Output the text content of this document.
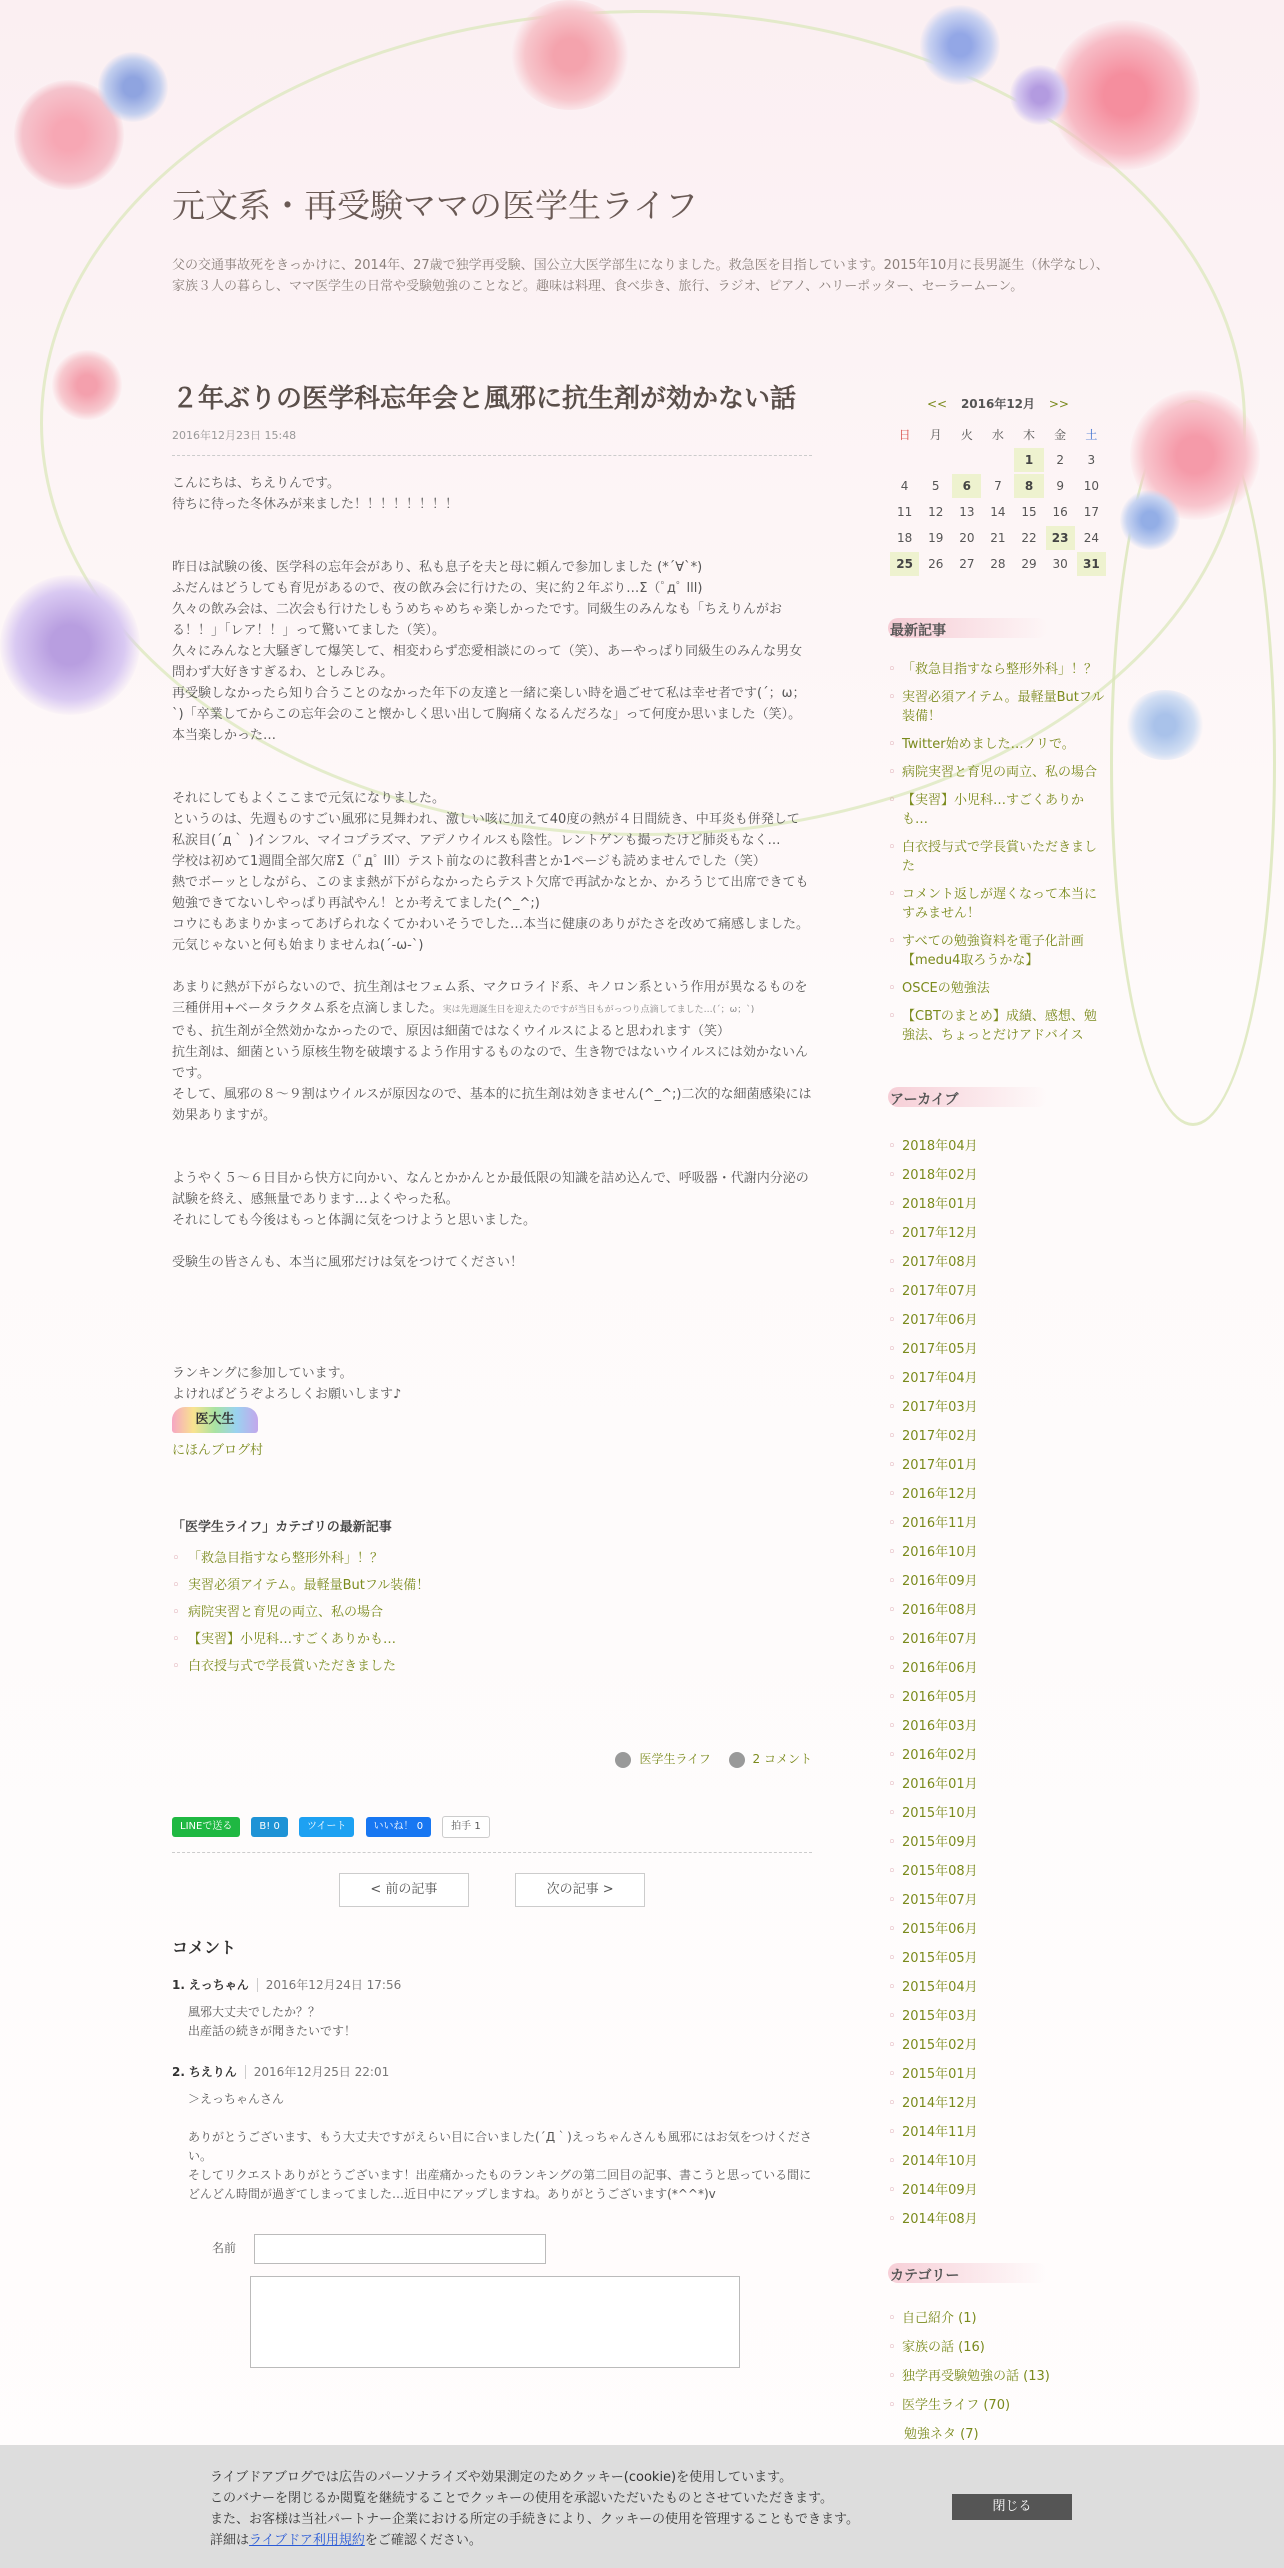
元文系・再受験ママの医学生ライフ
父の交通事故死をきっかけに、2014年、27歳で独学再受験、国公立大医学部生になりました。救急医を目指しています。2015年10月に長男誕生（休学なし）、家族３人の暮らし、ママ医学生の日常や受験勉強のことなど。趣味は料理、食べ歩き、旅行、ラジオ、ピアノ、ハリーポッター、セーラームーン。
２年ぶりの医学科忘年会と風邪に抗生剤が効かない話
2016年12月23日 15:48

こんにちは、ちえりんです。

待ちに待った冬休みが来ました！！！！！！！！

昨日は試験の後、医学科の忘年会があり、私も息子を夫と母に頼んで参加しました (*´∀`*)

ふだんはどうしても育児があるので、夜の飲み会に行けたの、実に約２年ぶり…Σ（ﾟдﾟ lll)

久々の飲み会は、二次会も行けたしもうめちゃめちゃ楽しかったです。同級生のみんなも「ちえりんがおる！！」「レア！！」って驚いてました（笑）。

久々にみんなと大騒ぎして爆笑して、相変わらず恋愛相談にのって（笑）、あーやっぱり同級生のみんな男女問わず大好きすぎるわ、としみじみ。

再受験しなかったら知り合うことのなかった年下の友達と一緒に楽しい時を過ごせて私は幸せ者です(´；ω；`)「卒業してからこの忘年会のこと懐かしく思い出して胸痛くなるんだろな」って何度か思いました（笑）。

本当楽しかった…

それにしてもよくここまで元気になりました。

というのは、先週ものすごい風邪に見舞われ、激しい咳に加えて40度の熱が４日間続き、中耳炎も併発して私涙目(´д｀ )インフル、マイコプラズマ、アデノウイルスも陰性。レントゲンも撮ったけど肺炎もなく…

学校は初めて1週間全部欠席Σ（ﾟдﾟ lll）テスト前なのに教科書とか1ページも読めませんでした（笑）

熱でボーッとしながら、このまま熱が下がらなかったらテスト欠席で再試かなとか、かろうじて出席できても勉強できてないしやっぱり再試やん！とか考えてました(^_^;)

コウにもあまりかまってあげられなくてかわいそうでした…本当に健康のありがたさを改めて痛感しました。元気じゃないと何も始まりませんね(´-ω-`)

あまりに熱が下がらないので、抗生剤はセフェム系、マクロライド系、キノロン系という作用が異なるものを三種併用+ベータラクタム系を点滴しました。実は先週誕生日を迎えたのですが当日もがっつり点滴してました…(´；ω；`)

でも、抗生剤が全然効かなかったので、原因は細菌ではなくウイルスによると思われます（笑）

抗生剤は、細菌という原核生物を破壊するよう作用するものなので、生き物ではないウイルスには効かないんです。

そして、風邪の８〜９割はウイルスが原因なので、基本的に抗生剤は効きません(^_^;)二次的な細菌感染には効果ありますが。

ようやく５〜６日目から快方に向かい、なんとかかんとか最低限の知識を詰め込んで、呼吸器・代謝内分泌の試験を終え、感無量であります…よくやった私。

それにしても今後はもっと体調に気をつけようと思いました。

受験生の皆さんも、本当に風邪だけは気をつけてください！

ランキングに参加しています。

よければどうぞよろしくお願いします♪

医大生
にほんブログ村
「医学生ライフ」カテゴリの最新記事
◦ 「救急目指すなら整形外科」！？
◦ 実習必須アイテム。最軽量Butフル装備！
◦ 病院実習と育児の両立、私の場合
◦ 【実習】小児科…すごくありかも…
◦ 白衣授与式で学長賞いただきました
医学生ライフ	2 コメント
LINEで送る	B! 0	ツイート	いいね！ 0	拍手 1
< 前の記事	次の記事 >
コメント
1. えっちゃん 2016年12月24日 17:56
風邪大丈夫でしたか？？
出産話の続きが聞きたいです！
2. ちえりん 2016年12月25日 22:01
＞えっちゃんさん
ありがとうございます、もう大丈夫ですがえらい目に合いました(´Д｀)えっちゃんさんも風邪にはお気をつけください。
そしてリクエストありがとうございます！出産痛かったものランキングの第二回目の記事、書こうと思っている間にどんどん時間が過ぎてしまってました…近日中にアップしますね。ありがとうございます(*^^*)v
名前
<< 2016年12月 >>
日	月	火	水	木	金	土
				1	2	3
4	5	6	7	8	9	10
11	12	13	14	15	16	17
18	19	20	21	22	23	24
25	26	27	28	29	30	31
最新記事
◦ 「救急目指すなら整形外科」！？
◦ 実習必須アイテム。最軽量Butフル装備！
◦ Twitter始めました…ノリで。
◦ 病院実習と育児の両立、私の場合
◦ 【実習】小児科…すごくありかも…
◦ 白衣授与式で学長賞いただきました
◦ コメント返しが遅くなって本当にすみません！
◦ すべての勉強資料を電子化計画【medu4取ろうかな】
◦ OSCEの勉強法
◦ 【CBTのまとめ】成績、感想、勉強法、ちょっとだけアドバイス
アーカイブ
◦ 2018年04月
◦ 2018年02月
◦ 2018年01月
◦ 2017年12月
◦ 2017年08月
◦ 2017年07月
◦ 2017年06月
◦ 2017年05月
◦ 2017年04月
◦ 2017年03月
◦ 2017年02月
◦ 2017年01月
◦ 2016年12月
◦ 2016年11月
◦ 2016年10月
◦ 2016年09月
◦ 2016年08月
◦ 2016年07月
◦ 2016年06月
◦ 2016年05月
◦ 2016年03月
◦ 2016年02月
◦ 2016年01月
◦ 2015年10月
◦ 2015年09月
◦ 2015年08月
◦ 2015年07月
◦ 2015年06月
◦ 2015年05月
◦ 2015年04月
◦ 2015年03月
◦ 2015年02月
◦ 2015年01月
◦ 2014年12月
◦ 2014年11月
◦ 2014年10月
◦ 2014年09月
◦ 2014年08月
カテゴリー
◦ 自己紹介 (1)
◦ 家族の話 (16)
◦ 独学再受験勉強の話 (13)
◦ 医学生ライフ (70)
勉強ネタ (7)
ライブドアブログでは広告のパーソナライズや効果測定のためクッキー(cookie)を使用しています。
このバナーを閉じるか閲覧を継続することでクッキーの使用を承認いただいたものとさせていただきます。
また、お客様は当社パートナー企業における所定の手続きにより、クッキーの使用を管理することもできます。
詳細はライブドア利用規約をご確認ください。
閉じる
